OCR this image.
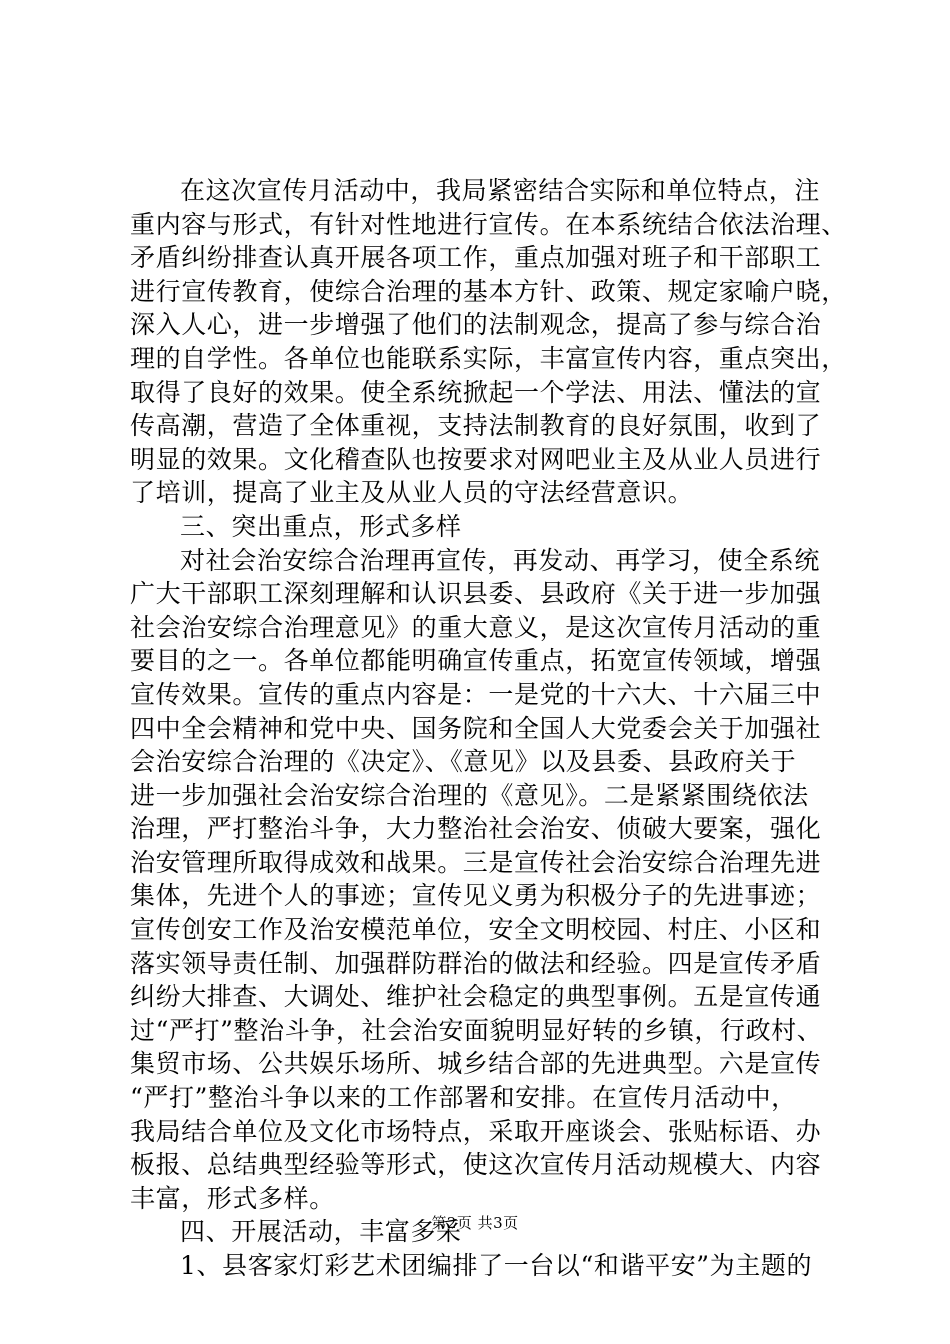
在这次宣传月活动中，我局紧密结合实际和单位特点，注
重内容与形式，有针对性地进行宣传。在本系统结合依法治理、
矛盾纠纷排查认真开展各项工作，重点加强对班子和干部职工
进行宣传教育，使综合治理的基本方针、政策、规定家喻户晓，
深入人心，进一步增强了他们的法制观念，提高了参与综合治
理的自学性。各单位也能联系实际，丰富宣传内容，重点突出，
取得了良好的效果。使全系统掀起一个学法、用法、懂法的宣
传高潮，营造了全体重视，支持法制教育的良好氛围，收到了
明显的效果。文化稽查队也按要求对网吧业主及从业人员进行
了培训，提高了业主及从业人员的守法经营意识。
三、突出重点，形式多样
对社会治安综合治理再宣传，再发动、再学习，使全系统
广大干部职工深刻理解和认识县委、县政府《关于进一步加强
社会治安综合治理意见》的重大意义，是这次宣传月活动的重
要目的之一。各单位都能明确宣传重点，拓宽宣传领域，增强
宣传效果。宣传的重点内容是：一是党的十六大、十六届三中
四中全会精神和党中央、国务院和全国人大党委会关于加强社
会治安综合治理的《决定》、《意见》以及县委、县政府关于
进一步加强社会治安综合治理的《意见》。二是紧紧围绕依法
治理，严打整治斗争，大力整治社会治安、侦破大要案，强化
治安管理所取得成效和战果。三是宣传社会治安综合治理先进
集体，先进个人的事迹；宣传见义勇为积极分子的先进事迹；
宣传创安工作及治安模范单位，安全文明校园、村庄、小区和
落实领导责任制、加强群防群治的做法和经验。四是宣传矛盾
纠纷大排查、大调处、维护社会稳定的典型事例。五是宣传通
过“严打”整治斗争，社会治安面貌明显好转的乡镇，行政村、
集贸市场、公共娱乐场所、城乡结合部的先进典型。六是宣传
“严打”整治斗争以来的工作部署和安排。在宣传月活动中，
我局结合单位及文化市场特点，采取开座谈会、张贴标语、办
板报、总结典型经验等形式，使这次宣传月活动规模大、内容
丰富，形式多样。
四、开展活动，丰富多采
1、县客家灯彩艺术团编排了一台以“和谐平安”为主题的
第2页 共3页
